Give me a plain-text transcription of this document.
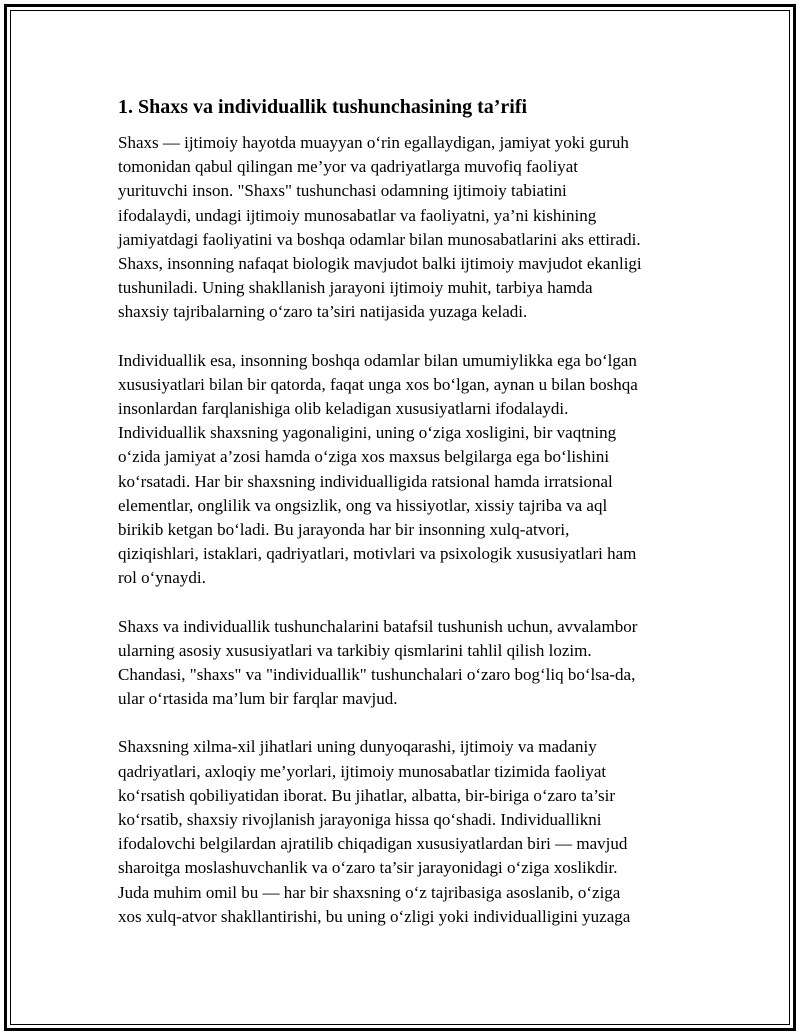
1. Shaxs va individuallik tushunchasining ta’rifi

Shaxs — ijtimoiy hayotda muayyan o‘rin egallaydigan, jamiyat yoki guruh
tomonidan qabul qilingan me’yor va qadriyatlarga muvofiq faoliyat
yurituvchi inson. "Shaxs" tushunchasi odamning ijtimoiy tabiatini
ifodalaydi, undagi ijtimoiy munosabatlar va faoliyatni, ya’ni kishining
jamiyatdagi faoliyatini va boshqa odamlar bilan munosabatlarini aks ettiradi.
Shaxs, insonning nafaqat biologik mavjudot balki ijtimoiy mavjudot ekanligi
tushuniladi. Uning shakllanish jarayoni ijtimoiy muhit, tarbiya hamda
shaxsiy tajribalarning o‘zaro ta’siri natijasida yuzaga keladi.

Individuallik esa, insonning boshqa odamlar bilan umumiylikka ega bo‘lgan
xususiyatlari bilan bir qatorda, faqat unga xos bo‘lgan, aynan u bilan boshqa
insonlardan farqlanishiga olib keladigan xususiyatlarni ifodalaydi.
Individuallik shaxsning yagonaligini, uning o‘ziga xosligini, bir vaqtning
o‘zida jamiyat a’zosi hamda o‘ziga xos maxsus belgilarga ega bo‘lishini
ko‘rsatadi. Har bir shaxsning individualligida ratsional hamda irratsional
elementlar, onglilik va ongsizlik, ong va hissiyotlar, xissiy tajriba va aql
birikib ketgan bo‘ladi. Bu jarayonda har bir insonning xulq-atvori,
qiziqishlari, istaklari, qadriyatlari, motivlari va psixologik xususiyatlari ham
rol o‘ynaydi.

Shaxs va individuallik tushunchalarini batafsil tushunish uchun, avvalambor
ularning asosiy xususiyatlari va tarkibiy qismlarini tahlil qilish lozim.
Chandasi, "shaxs" va "individuallik" tushunchalari o‘zaro bog‘liq bo‘lsa-da,
ular o‘rtasida ma’lum bir farqlar mavjud.

Shaxsning xilma-xil jihatlari uning dunyoqarashi, ijtimoiy va madaniy
qadriyatlari, axloqiy me’yorlari, ijtimoiy munosabatlar tizimida faoliyat
ko‘rsatish qobiliyatidan iborat. Bu jihatlar, albatta, bir-biriga o‘zaro ta’sir
ko‘rsatib, shaxsiy rivojlanish jarayoniga hissa qo‘shadi. Individuallikni
ifodalovchi belgilardan ajratilib chiqadigan xususiyatlardan biri — mavjud
sharoitga moslashuvchanlik va o‘zaro ta’sir jarayonidagi o‘ziga xoslikdir.
Juda muhim omil bu — har bir shaxsning o‘z tajribasiga asoslanib, o‘ziga
xos xulq-atvor shakllantirishi, bu uning o‘zligi yoki individualligini yuzaga
